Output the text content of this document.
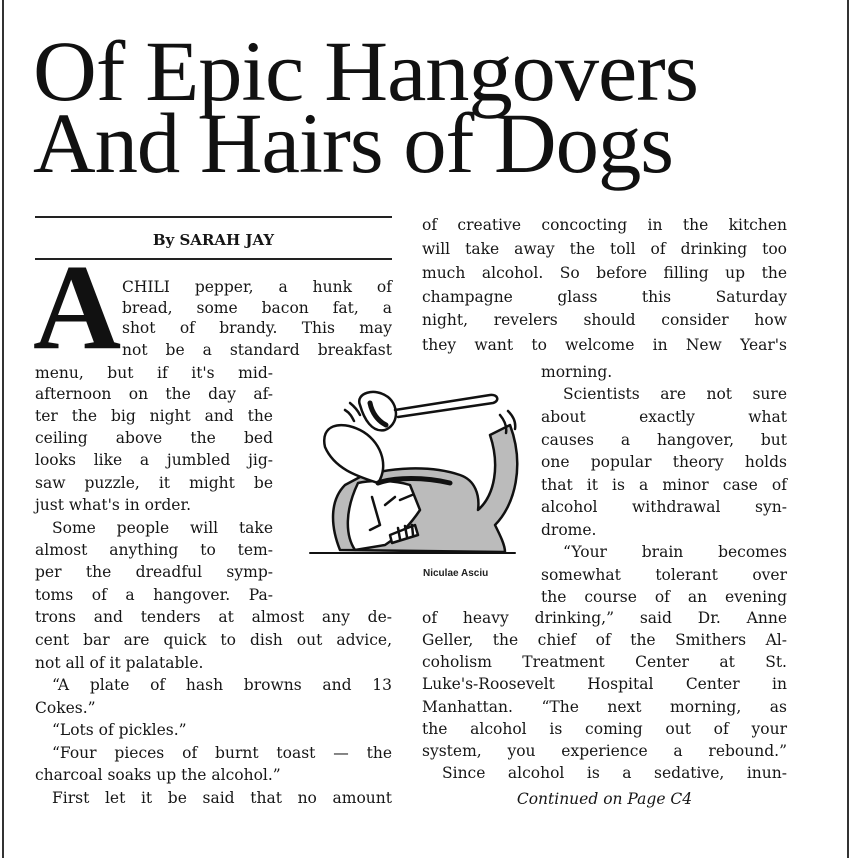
Of Epic Hangovers
And Hairs of Dogs
By SARAH JAY
A CHILI pepper, a hunk of
bread, some bacon fat, a
shot of brandy. This may
not be a standard breakfast
menu, but if it's mid-
afternoon on the day af-
ter the big night and the
ceiling above the bed
looks like a jumbled jig-
saw puzzle, it might be
just what's in order.
Some people will take
almost anything to tem-
per the dreadful symp-
toms of a hangover. Pa-
trons and tenders at almost any de-
cent bar are quick to dish out advice,
not all of it palatable.
“A plate of hash browns and 13
Cokes.”
“Lots of pickles.”
“Four pieces of burnt toast — the
charcoal soaks up the alcohol.”
First let it be said that no amount
of creative concocting in the kitchen
will take away the toll of drinking too
much alcohol. So before filling up the
champagne glass this Saturday
night, revelers should consider how
they want to welcome in New Year's
morning.
Scientists are not sure
about exactly what
causes a hangover, but
one popular theory holds
that it is a minor case of
alcohol withdrawal syn-
drome.
“Your brain becomes
somewhat tolerant over
the course of an evening
of heavy drinking,” said Dr. Anne
Geller, the chief of the Smithers Al-
coholism Treatment Center at St.
Luke's-Roosevelt Hospital Center in
Manhattan. “The next morning, as
the alcohol is coming out of your
system, you experience a rebound.”
Since alcohol is a sedative, inun-
Niculae Asciu
Continued on Page C4
